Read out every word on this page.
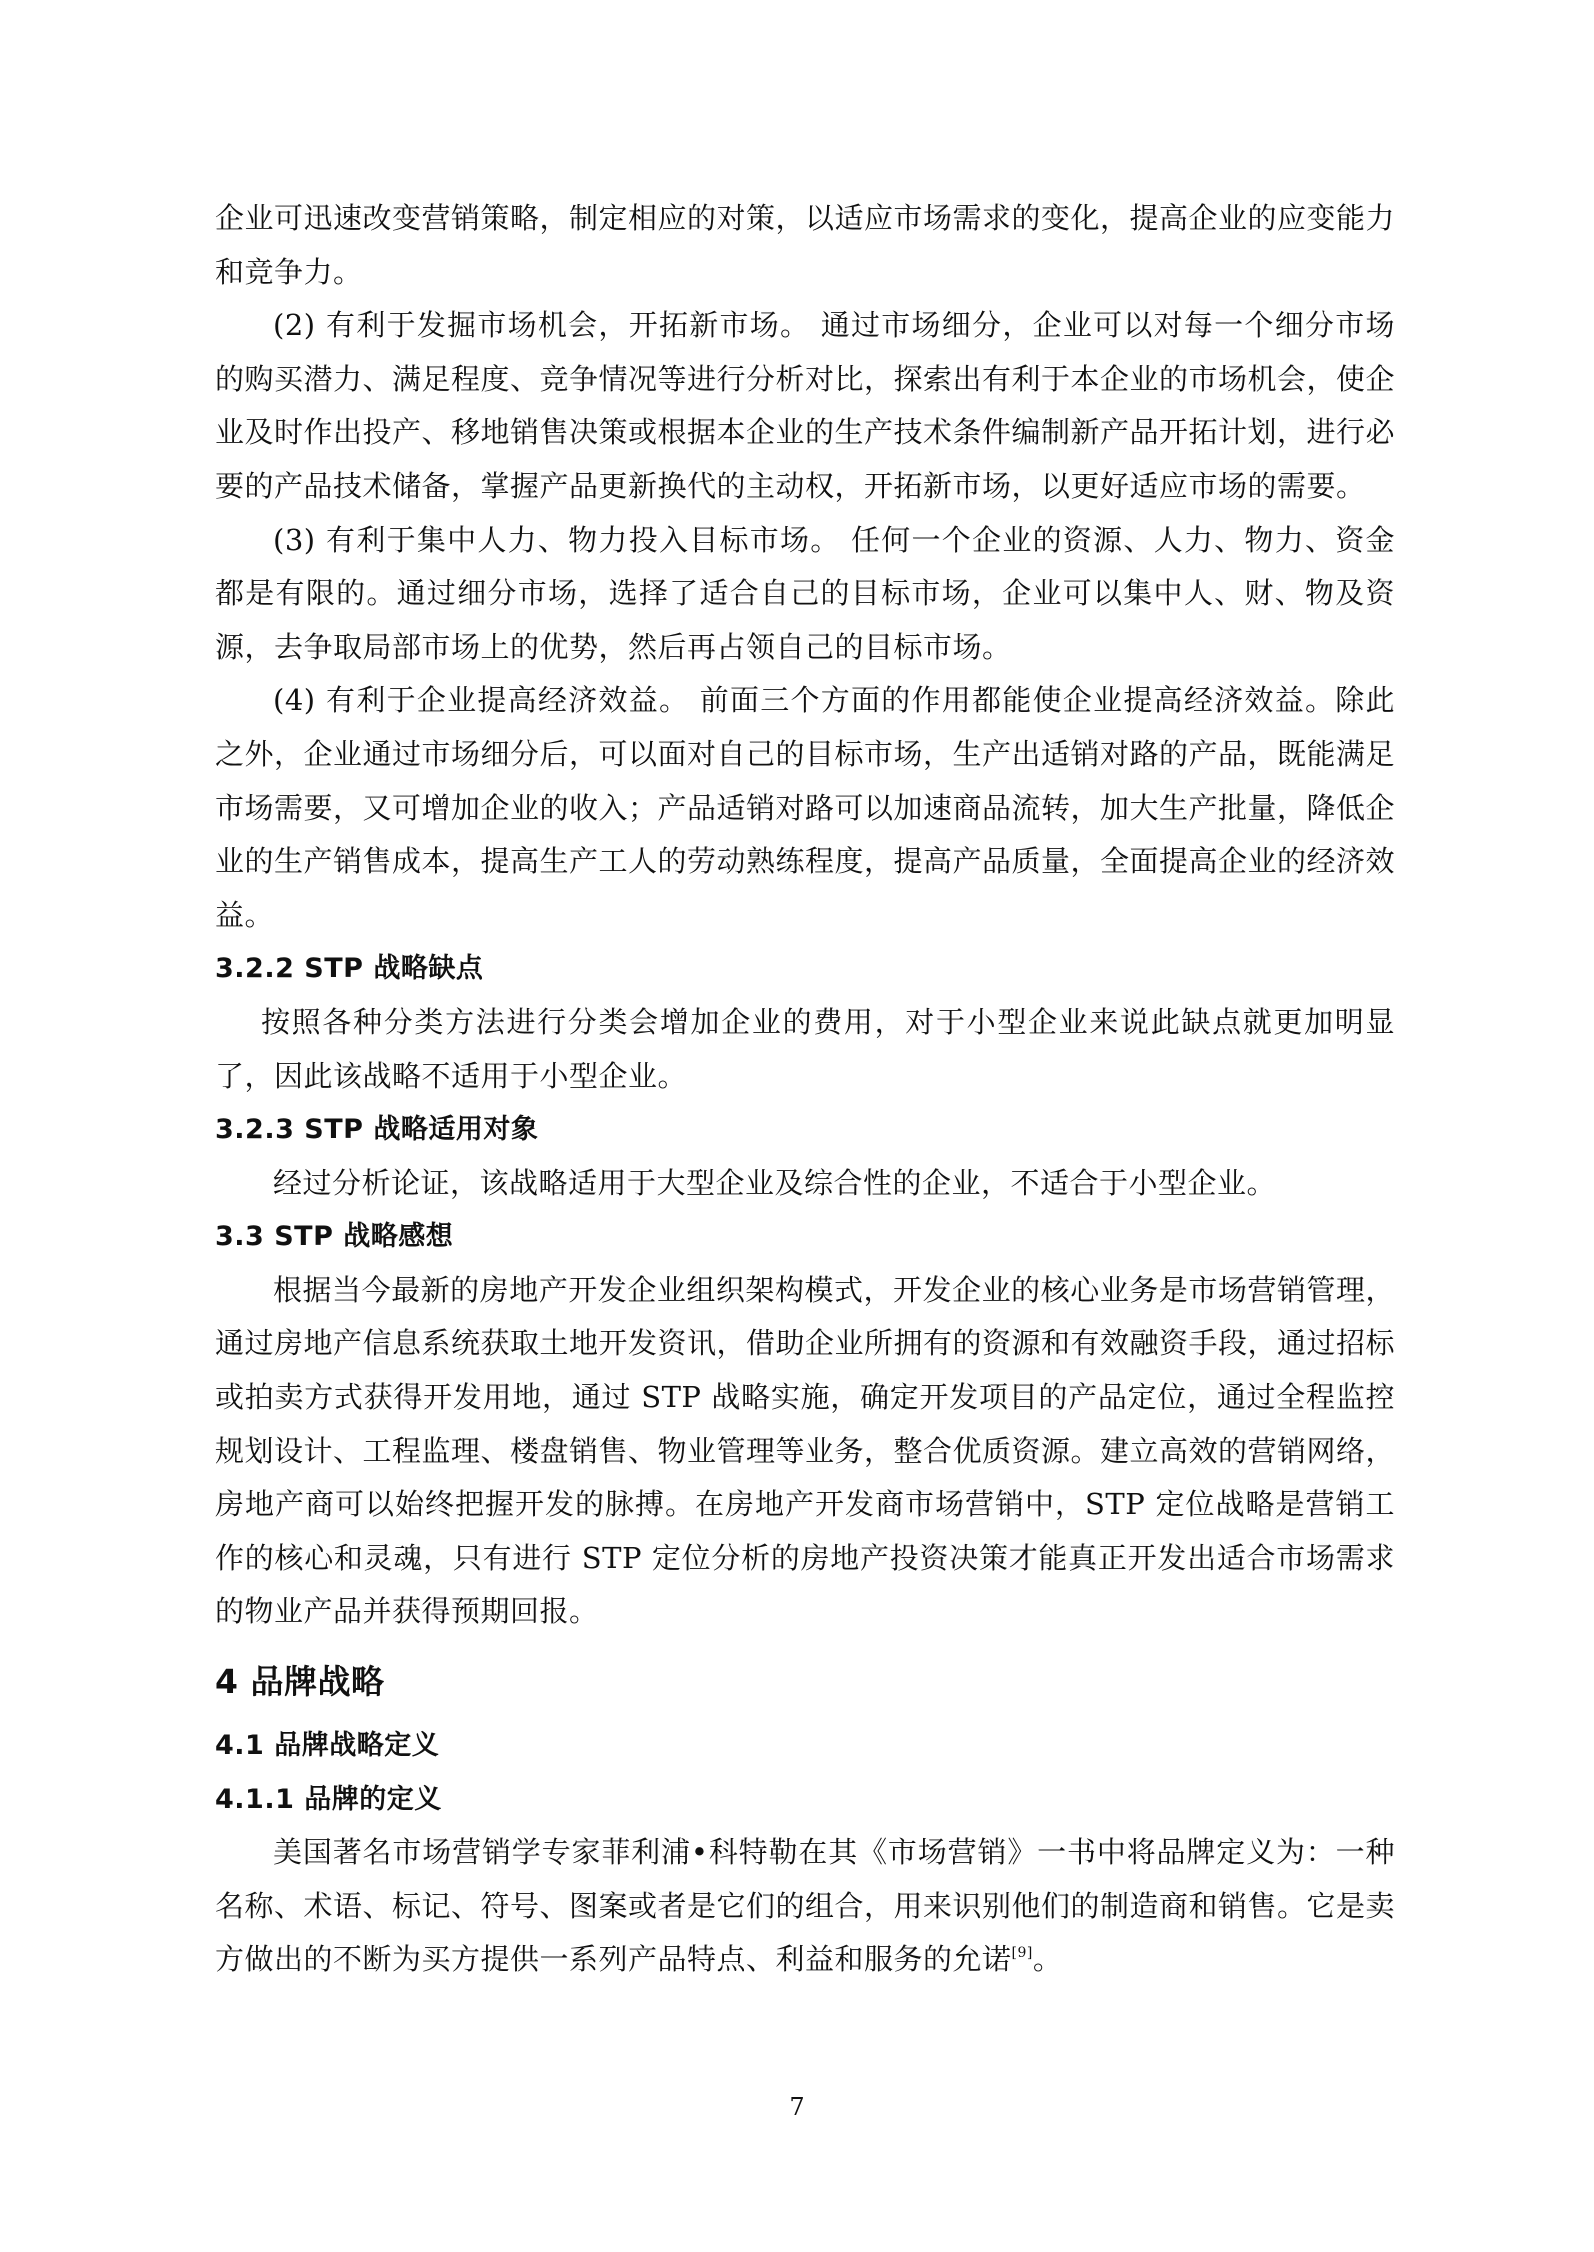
企业可迅速改变营销策略，制定相应的对策，以适应市场需求的变化，提高企业的应变能力和竞争力。

(2) 有利于发掘市场机会，开拓新市场。 通过市场细分，企业可以对每一个细分市场的购买潜力、满足程度、竞争情况等进行分析对比，探索出有利于本企业的市场机会，使企业及时作出投产、移地销售决策或根据本企业的生产技术条件编制新产品开拓计划，进行必要的产品技术储备，掌握产品更新换代的主动权，开拓新市场，以更好适应市场的需要。

(3) 有利于集中人力、物力投入目标市场。 任何一个企业的资源、人力、物力、资金都是有限的。通过细分市场，选择了适合自己的目标市场，企业可以集中人、财、物及资源，去争取局部市场上的优势，然后再占领自己的目标市场。

(4) 有利于企业提高经济效益。 前面三个方面的作用都能使企业提高经济效益。除此之外，企业通过市场细分后，可以面对自己的目标市场，生产出适销对路的产品，既能满足市场需要，又可增加企业的收入；产品适销对路可以加速商品流转，加大生产批量，降低企业的生产销售成本，提高生产工人的劳动熟练程度，提高产品质量，全面提高企业的经济效益。

3.2.2 STP 战略缺点

按照各种分类方法进行分类会增加企业的费用，对于小型企业来说此缺点就更加明显了，因此该战略不适用于小型企业。

3.2.3 STP 战略适用对象

经过分析论证，该战略适用于大型企业及综合性的企业，不适合于小型企业。

3.3 STP 战略感想

根据当今最新的房地产开发企业组织架构模式，开发企业的核心业务是市场营销管理，通过房地产信息系统获取土地开发资讯，借助企业所拥有的资源和有效融资手段，通过招标或拍卖方式获得开发用地，通过 STP 战略实施，确定开发项目的产品定位，通过全程监控规划设计、工程监理、楼盘销售、物业管理等业务，整合优质资源。建立高效的营销网络，房地产商可以始终把握开发的脉搏。在房地产开发商市场营销中，STP 定位战略是营销工作的核心和灵魂，只有进行 STP 定位分析的房地产投资决策才能真正开发出适合市场需求的物业产品并获得预期回报。

4 品牌战略
4.1 品牌战略定义
4.1.1 品牌的定义

美国著名市场营销学专家菲利浦•科特勒在其《市场营销》一书中将品牌定义为：一种名称、术语、标记、符号、图案或者是它们的组合，用来识别他们的制造商和销售。它是卖方做出的不断为买方提供一系列产品特点、利益和服务的允诺[9]。

7
